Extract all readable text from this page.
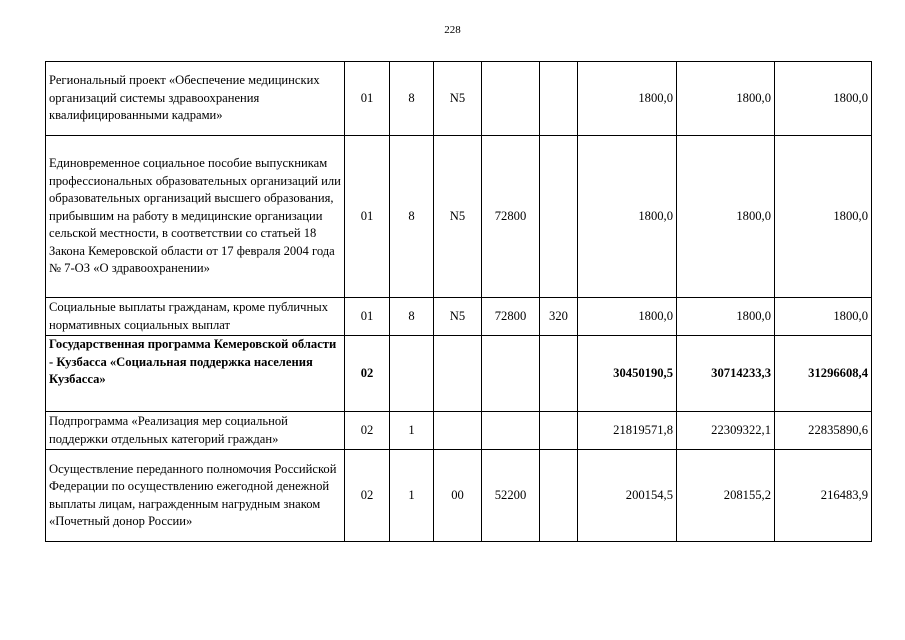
228
Региональный проект «Обеспечение медицинских организаций системы здравоохранения квалифицированными кадрами»	01	8	N5			1800,0	1800,0	1800,0
Единовременное социальное пособие выпускникам профессиональных образовательных организаций или образовательных организаций высшего образования, прибывшим на работу в медицинские организации сельской местности, в соответствии со статьей 18 Закона Кемеровской области от 17 февраля 2004 года № 7-ОЗ «О здравоохранении»	01	8	N5	72800		1800,0	1800,0	1800,0
Социальные выплаты гражданам, кроме публичных нормативных социальных выплат	01	8	N5	72800	320	1800,0	1800,0	1800,0
Государственная программа Кемеровской области - Кузбасса «Социальная поддержка населения Кузбасса»	02					30450190,5	30714233,3	31296608,4
Подпрограмма «Реализация мер социальной поддержки отдельных категорий граждан»	02	1				21819571,8	22309322,1	22835890,6
Осуществление переданного полномочия Российской Федерации по осуществлению ежегодной денежной выплаты лицам, награжденным нагрудным знаком «Почетный донор России»	02	1	00	52200		200154,5	208155,2	216483,9
